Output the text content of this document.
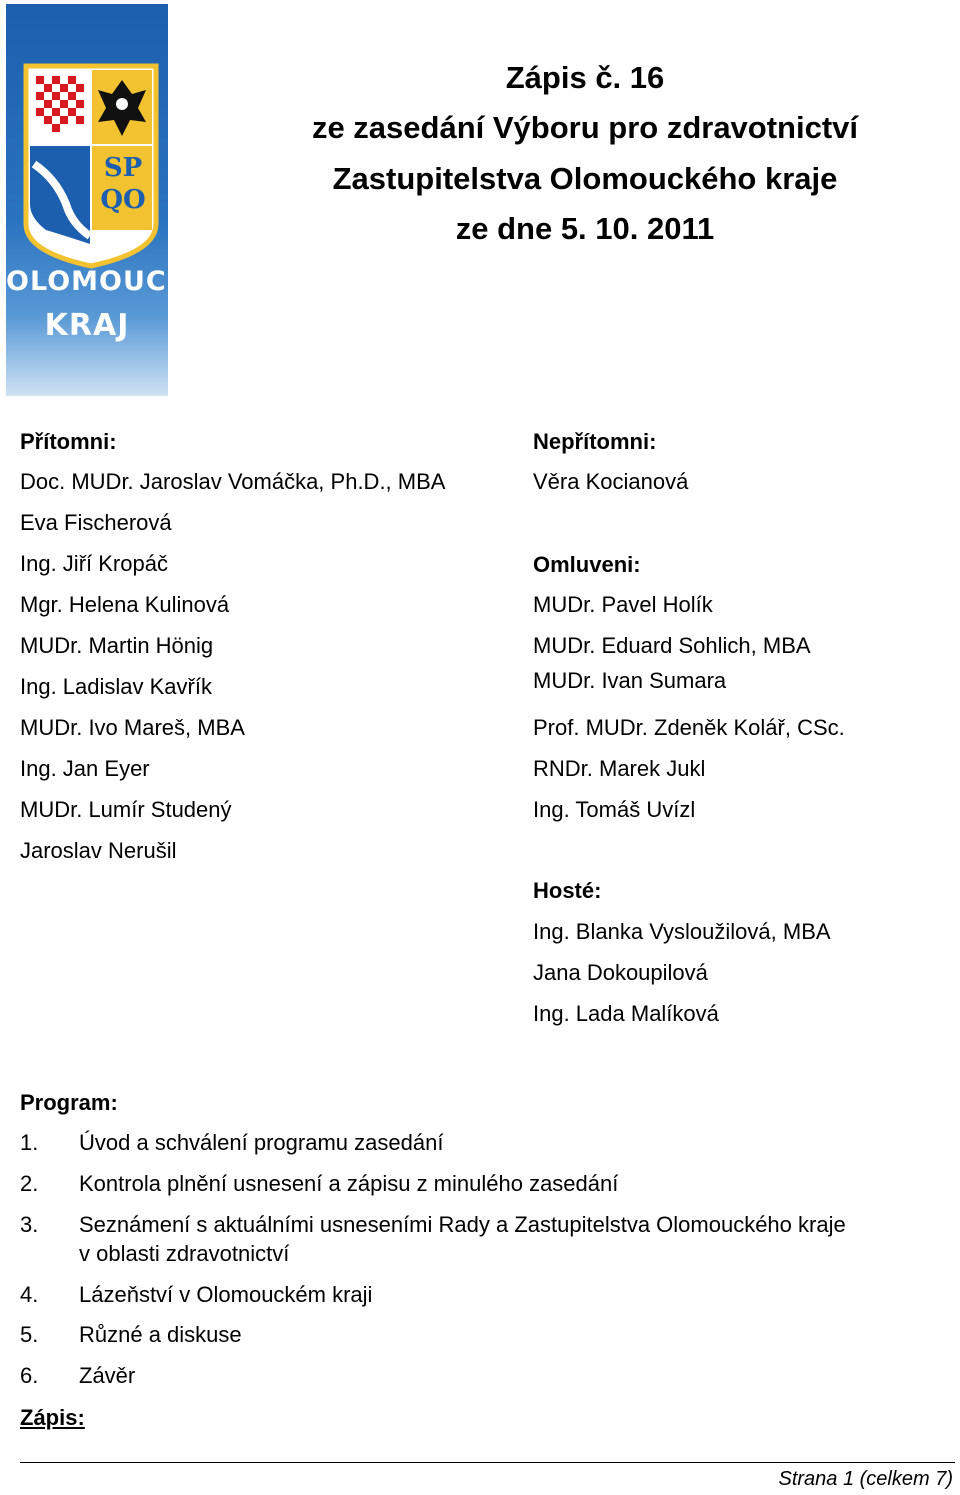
SP
QO
OLOMOUCKÝ
KRAJ
Zápis č. 16
ze zasedání Výboru pro zdravotnictví
Zastupitelstva Olomouckého kraje
ze dne 5. 10. 2011
Přítomni:
Doc. MUDr. Jaroslav Vomáčka, Ph.D., MBA
Eva Fischerová
Ing. Jiří Kropáč
Mgr. Helena Kulinová
MUDr. Martin Hönig
Ing. Ladislav Kavřík
MUDr. Ivo Mareš, MBA
Ing. Jan Eyer
MUDr. Lumír Studený
Jaroslav Nerušil
Nepřítomni:
Věra Kocianová
Omluveni:
MUDr. Pavel Holík
MUDr. Eduard Sohlich, MBA
MUDr. Ivan Sumara
Prof. MUDr. Zdeněk Kolář, CSc.
RNDr. Marek Jukl
Ing. Tomáš Uvízl
Hosté:
Ing. Blanka Vysloužilová, MBA
Jana Dokoupilová
Ing. Lada Malíková
Program:
1. Úvod a schválení programu zasedání
2. Kontrola plnění usnesení a zápisu z minulého zasedání
3. Seznámení s aktuálními usneseními Rady a Zastupitelstva Olomouckého kraje
v oblasti zdravotnictví
4. Lázeňství v Olomouckém kraji
5. Různé a diskuse
6. Závěr
Zápis:
Strana 1 (celkem 7)
